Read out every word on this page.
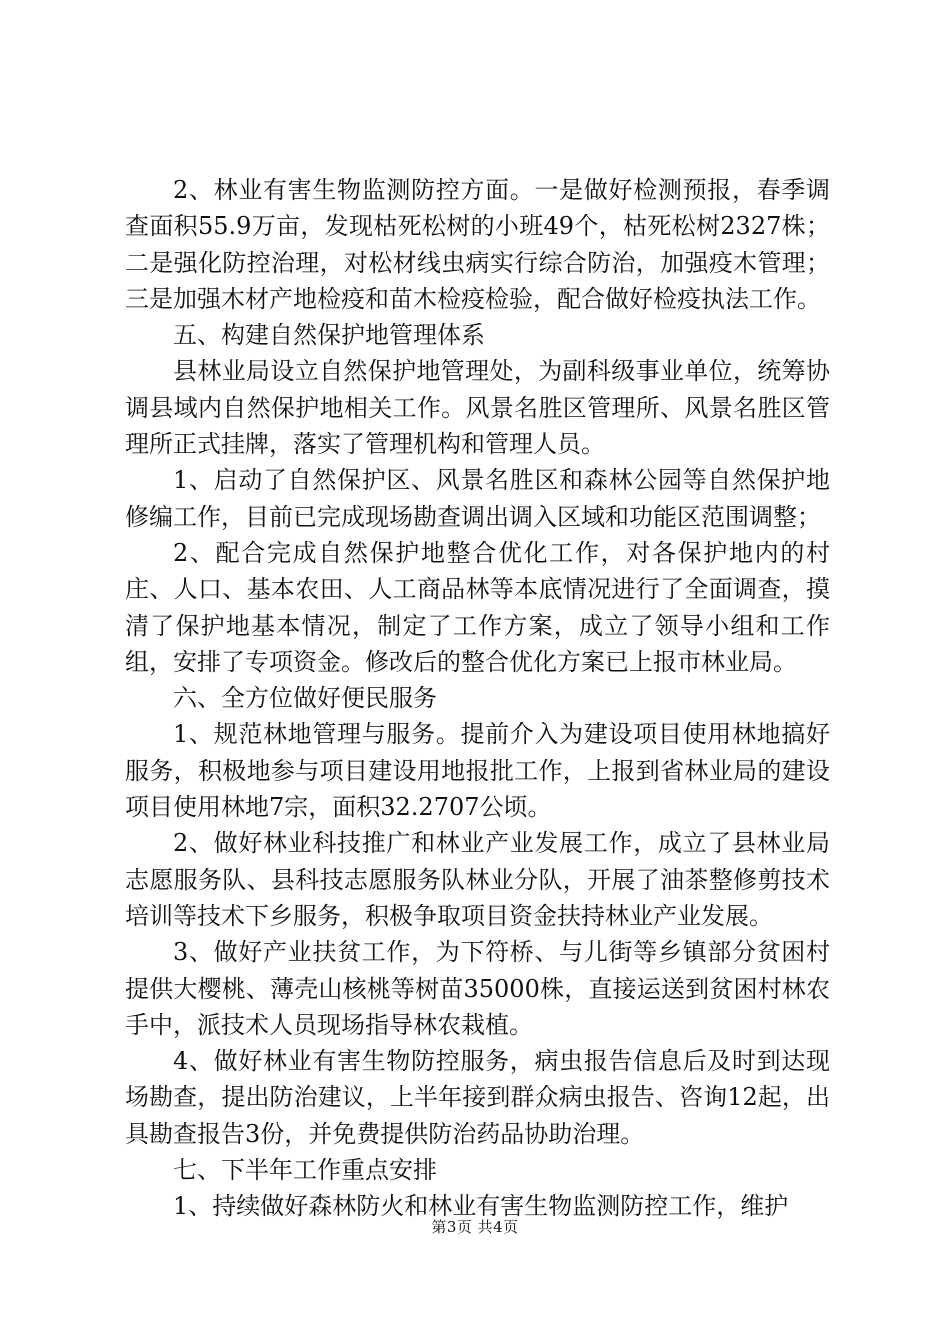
2、林业有害生物监测防控方面。一是做好检测预报，春季调查面积55.9万亩，发现枯死松树的小班49个，枯死松树2327株；二是强化防控治理，对松材线虫病实行综合防治，加强疫木管理；三是加强木材产地检疫和苗木检疫检验，配合做好检疫执法工作。

五、构建自然保护地管理体系

县林业局设立自然保护地管理处，为副科级事业单位，统筹协调县域内自然保护地相关工作。风景名胜区管理所、风景名胜区管理所正式挂牌，落实了管理机构和管理人员。

1、启动了自然保护区、风景名胜区和森林公园等自然保护地修编工作，目前已完成现场勘查调出调入区域和功能区范围调整；

2、配合完成自然保护地整合优化工作，对各保护地内的村庄、人口、基本农田、人工商品林等本底情况进行了全面调查，摸清了保护地基本情况，制定了工作方案，成立了领导小组和工作组，安排了专项资金。修改后的整合优化方案已上报市林业局。

六、全方位做好便民服务

1、规范林地管理与服务。提前介入为建设项目使用林地搞好服务，积极地参与项目建设用地报批工作，上报到省林业局的建设项目使用林地7宗，面积32.2707公顷。

2、做好林业科技推广和林业产业发展工作，成立了县林业局志愿服务队、县科技志愿服务队林业分队，开展了油茶整修剪技术培训等技术下乡服务，积极争取项目资金扶持林业产业发展。

3、做好产业扶贫工作，为下符桥、与儿街等乡镇部分贫困村提供大樱桃、薄壳山核桃等树苗35000株，直接运送到贫困村林农手中，派技术人员现场指导林农栽植。

4、做好林业有害生物防控服务，病虫报告信息后及时到达现场勘查，提出防治建议，上半年接到群众病虫报告、咨询12起，出具勘查报告3份，并免费提供防治药品协助治理。

七、下半年工作重点安排

1、持续做好森林防火和林业有害生物监测防控工作，维护

第3页 共4页
